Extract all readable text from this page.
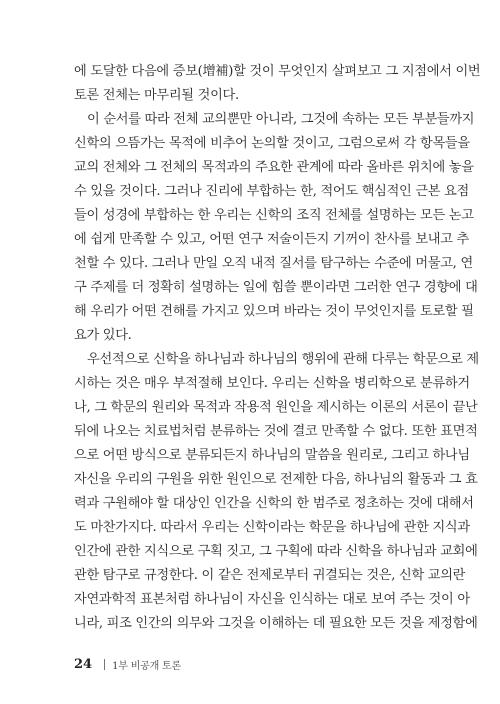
에 도달한 다음에 증보(增補)할 것이 무엇인지 살펴보고 그 지점에서 이번
토론 전체는 마무리될 것이다.

이 순서를 따라 전체 교의뿐만 아니라, 그것에 속하는 모든 부분들까지
신학의 으뜸가는 목적에 비추어 논의할 것이고, 그럼으로써 각 항목들을
교의 전체와 그 전체의 목적과의 주요한 관계에 따라 올바른 위치에 놓을
수 있을 것이다. 그러나 진리에 부합하는 한, 적어도 핵심적인 근본 요점
들이 성경에 부합하는 한 우리는 신학의 조직 전체를 설명하는 모든 논고
에 쉽게 만족할 수 있고, 어떤 연구 저술이든지 기꺼이 찬사를 보내고 추
천할 수 있다. 그러나 만일 오직 내적 질서를 탐구하는 수준에 머물고, 연
구 주제를 더 정확히 설명하는 일에 힘쓸 뿐이라면 그러한 연구 경향에 대
해 우리가 어떤 견해를 가지고 있으며 바라는 것이 무엇인지를 토로할 필
요가 있다.

우선적으로 신학을 하나님과 하나님의 행위에 관해 다루는 학문으로 제
시하는 것은 매우 부적절해 보인다. 우리는 신학을 병리학으로 분류하거
나, 그 학문의 원리와 목적과 작용적 원인을 제시하는 이론의 서론이 끝난
뒤에 나오는 치료법처럼 분류하는 것에 결코 만족할 수 없다. 또한 표면적
으로 어떤 방식으로 분류되든지 하나님의 말씀을 원리로, 그리고 하나님
자신을 우리의 구원을 위한 원인으로 전제한 다음, 하나님의 활동과 그 효
력과 구원해야 할 대상인 인간을 신학의 한 범주로 정초하는 것에 대해서
도 마찬가지다. 따라서 우리는 신학이라는 학문을 하나님에 관한 지식과
인간에 관한 지식으로 구획 짓고, 그 구획에 따라 신학을 하나님과 교회에
관한 탐구로 규정한다. 이 같은 전제로부터 귀결되는 것은, 신학 교의란
자연과학적 표본처럼 하나님이 자신을 인식하는 대로 보여 주는 것이 아
니라, 피조 인간의 의무와 그것을 이해하는 데 필요한 모든 것을 제정함에

24 1부 비공개 토론
